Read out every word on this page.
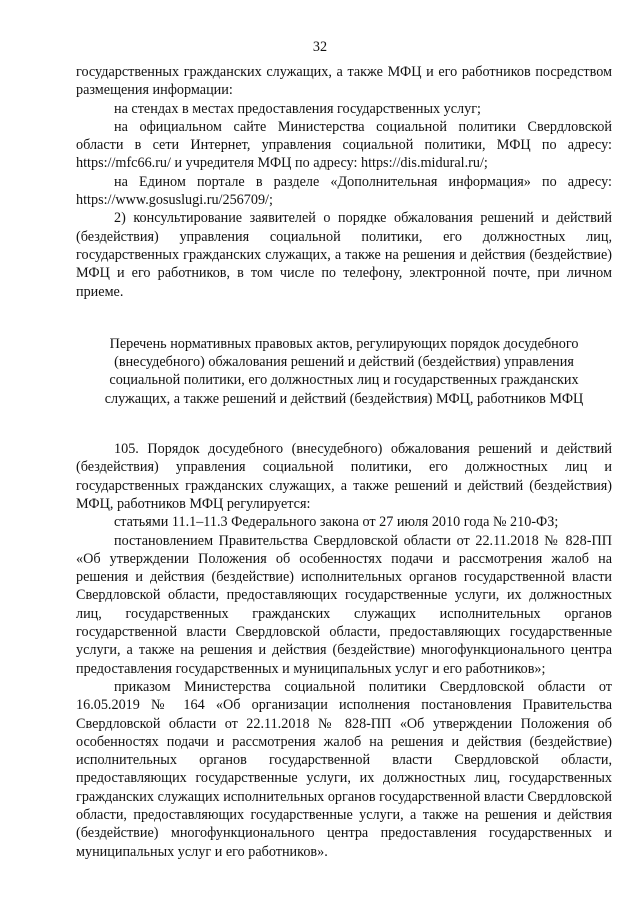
32

государственных гражданских служащих, а также МФЦ и его работников посредством размещения информации:

на стендах в местах предоставления государственных услуг;

на официальном сайте Министерства социальной политики Свердловской области в сети Интернет, управления социальной политики, МФЦ по адресу: https://mfc66.ru/ и учредителя МФЦ по адресу: https://dis.midural.ru/;

на Едином портале в разделе «Дополнительная информация» по адресу: https://www.gosuslugi.ru/256709/;

2) консультирование заявителей о порядке обжалования решений и действий (бездействия) управления социальной политики, его должностных лиц, государственных гражданских служащих, а также на решения и действия (бездействие) МФЦ и его работников, в том числе по телефону, электронной почте, при личном приеме.

Перечень нормативных правовых актов, регулирующих порядок досудебного (внесудебного) обжалования решений и действий (бездействия) управления социальной политики, его должностных лиц и государственных гражданских служащих, а также решений и действий (бездействия) МФЦ, работников МФЦ

105. Порядок досудебного (внесудебного) обжалования решений и действий (бездействия) управления социальной политики, его должностных лиц и государственных гражданских служащих, а также решений и действий (бездействия) МФЦ, работников МФЦ регулируется:

статьями 11.1–11.3 Федерального закона от 27 июля 2010 года № 210-ФЗ;

постановлением Правительства Свердловской области от 22.11.2018 № 828-ПП «Об утверждении Положения об особенностях подачи и рассмотрения жалоб на решения и действия (бездействие) исполнительных органов государственной власти Свердловской области, предоставляющих государственные услуги, их должностных лиц, государственных гражданских служащих исполнительных органов государственной власти Свердловской области, предоставляющих государственные услуги, а также на решения и действия (бездействие) многофункционального центра предоставления государственных и муниципальных услуг и его работников»;

приказом Министерства социальной политики Свердловской области от 16.05.2019 № 164 «Об организации исполнения постановления Правительства Свердловской области от 22.11.2018 № 828-ПП «Об утверждении Положения об особенностях подачи и рассмотрения жалоб на решения и действия (бездействие) исполнительных органов государственной власти Свердловской области, предоставляющих государственные услуги, их должностных лиц, государственных гражданских служащих исполнительных органов государственной власти Свердловской области, предоставляющих государственные услуги, а также на решения и действия (бездействие) многофункционального центра предоставления государственных и муниципальных услуг и его работников».
